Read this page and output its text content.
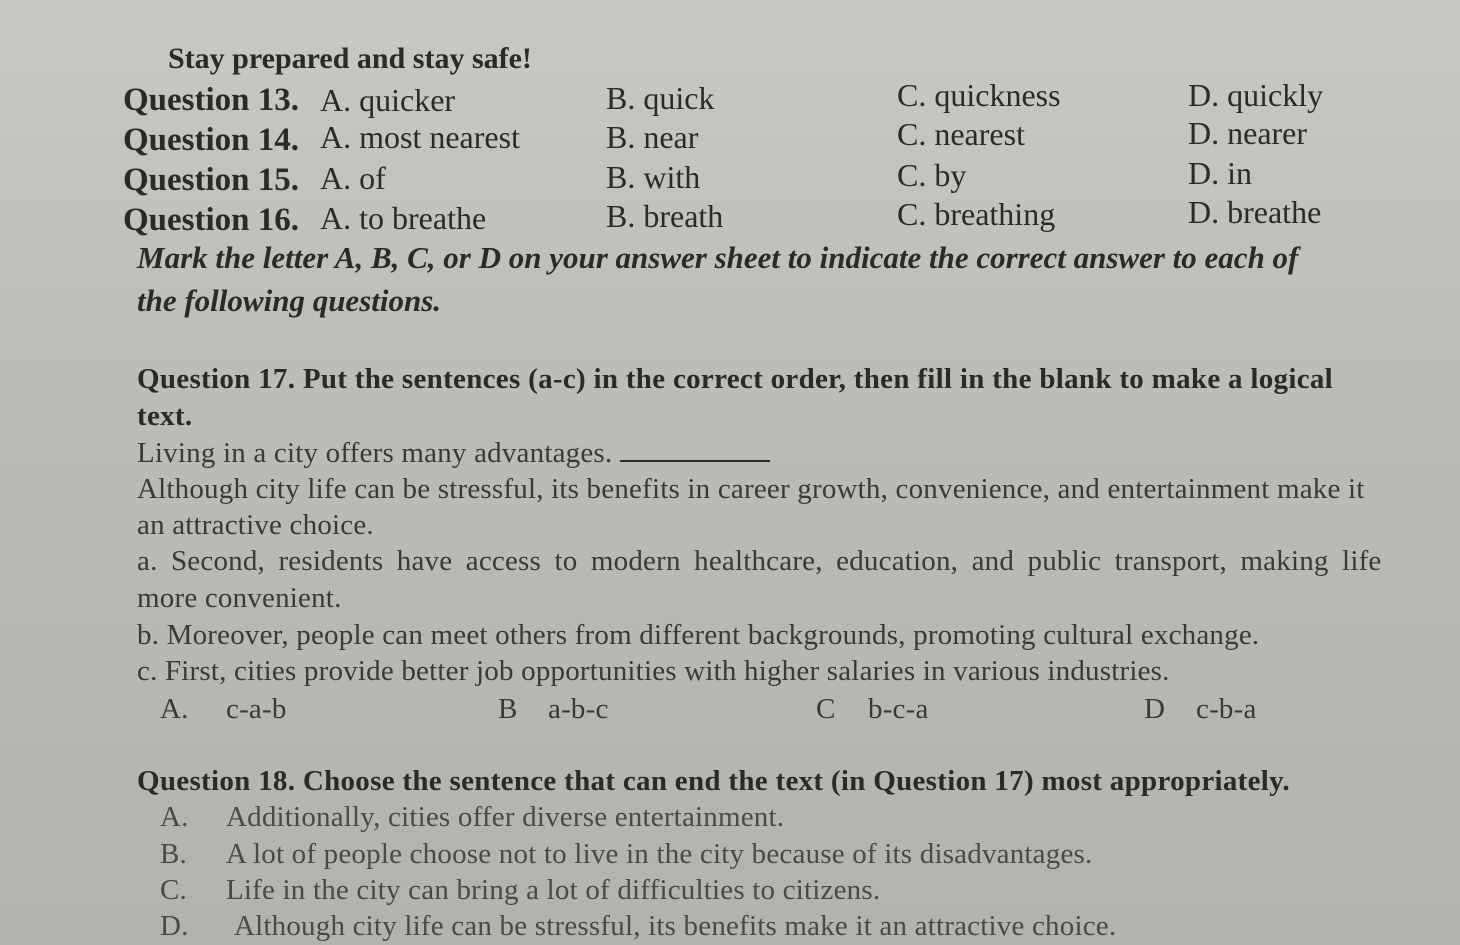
Stay prepared and stay safe!
Question 13. A. quicker	B. quick	C. quickness	D. quickly
Question 14. A. most nearest	B. near	C. nearest	D. nearer
Question 15. A. of	B. with	C. by	D. in
Question 16. A. to breathe	B. breath	C. breathing	D. breathe
Mark the letter A, B, C, or D on your answer sheet to indicate the correct answer to each of
the following questions.
Question 17. Put the sentences (a-c) in the correct order, then fill in the blank to make a logical
text.
Living in a city offers many advantages.
Although city life can be stressful, its benefits in career growth, convenience, and entertainment make it
an attractive choice.
a. Second, residents have access to modern healthcare, education, and public transport, making life
more convenient.
b. Moreover, people can meet others from different backgrounds, promoting cultural exchange.
c. First, cities provide better job opportunities with higher salaries in various industries.
A. c-a-b	B a-b-c	C b-c-a	D c-b-a
Question 18. Choose the sentence that can end the text (in Question 17) most appropriately.
A. Additionally, cities offer diverse entertainment.
B. A lot of people choose not to live in the city because of its disadvantages.
C. Life in the city can bring a lot of difficulties to citizens.
D. Although city life can be stressful, its benefits make it an attractive choice.
